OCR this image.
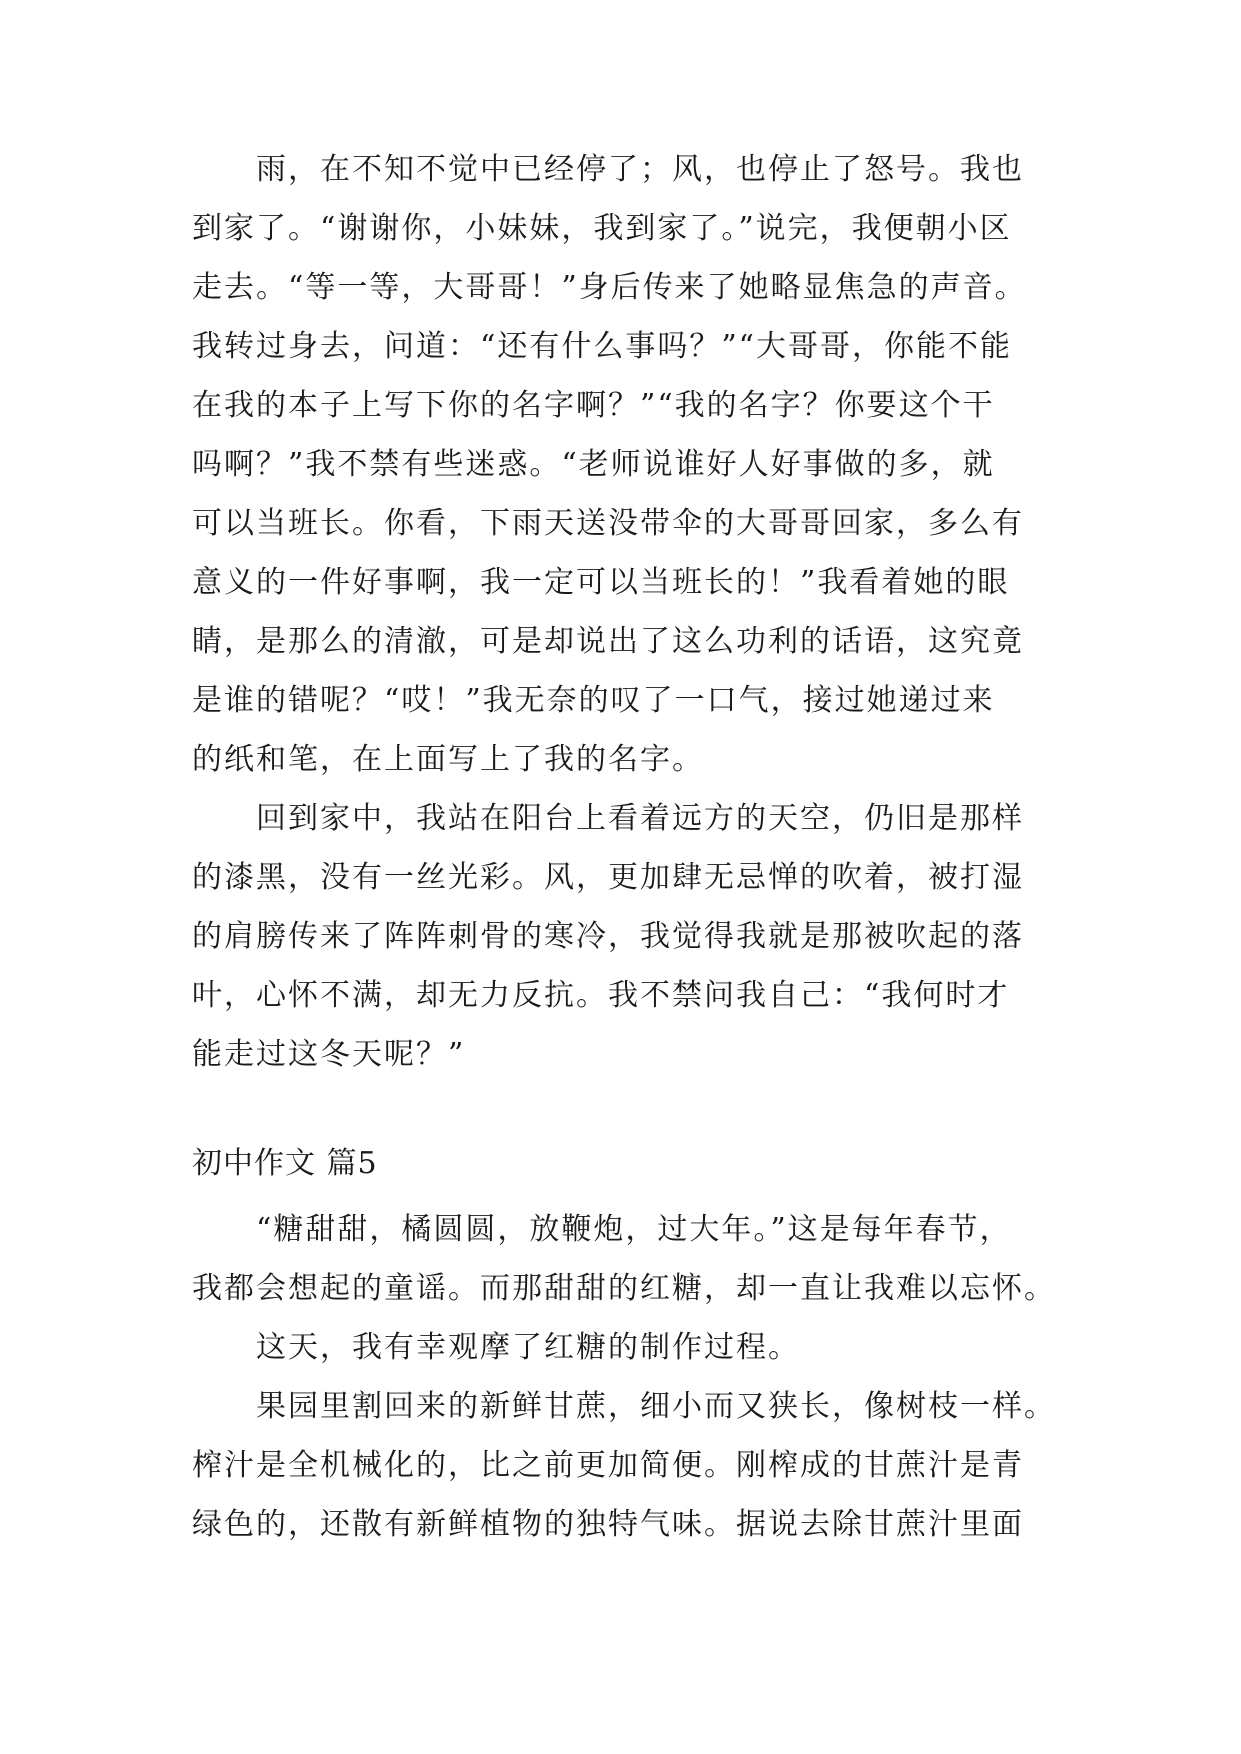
雨，在不知不觉中已经停了；风，也停止了怒号。我也
到家了。“谢谢你，小妹妹，我到家了。”说完，我便朝小区
走去。“等一等，大哥哥！”身后传来了她略显焦急的声音。
我转过身去，问道：“还有什么事吗？”“大哥哥，你能不能
在我的本子上写下你的名字啊？”“我的名字？你要这个干
吗啊？”我不禁有些迷惑。“老师说谁好人好事做的多，就
可以当班长。你看，下雨天送没带伞的大哥哥回家，多么有
意义的一件好事啊，我一定可以当班长的！”我看着她的眼
睛，是那么的清澈，可是却说出了这么功利的话语，这究竟
是谁的错呢？“哎！”我无奈的叹了一口气，接过她递过来
的纸和笔，在上面写上了我的名字。
回到家中，我站在阳台上看着远方的天空，仍旧是那样
的漆黑，没有一丝光彩。风，更加肆无忌惮的吹着，被打湿
的肩膀传来了阵阵刺骨的寒冷，我觉得我就是那被吹起的落
叶，心怀不满，却无力反抗。我不禁问我自己：“我何时才
能走过这冬天呢？”
初中作文 篇5
“糖甜甜，橘圆圆，放鞭炮，过大年。”这是每年春节，
我都会想起的童谣。而那甜甜的红糖，却一直让我难以忘怀。
这天，我有幸观摩了红糖的制作过程。
果园里割回来的新鲜甘蔗，细小而又狭长，像树枝一样。
榨汁是全机械化的，比之前更加简便。刚榨成的甘蔗汁是青
绿色的，还散有新鲜植物的独特气味。据说去除甘蔗汁里面
